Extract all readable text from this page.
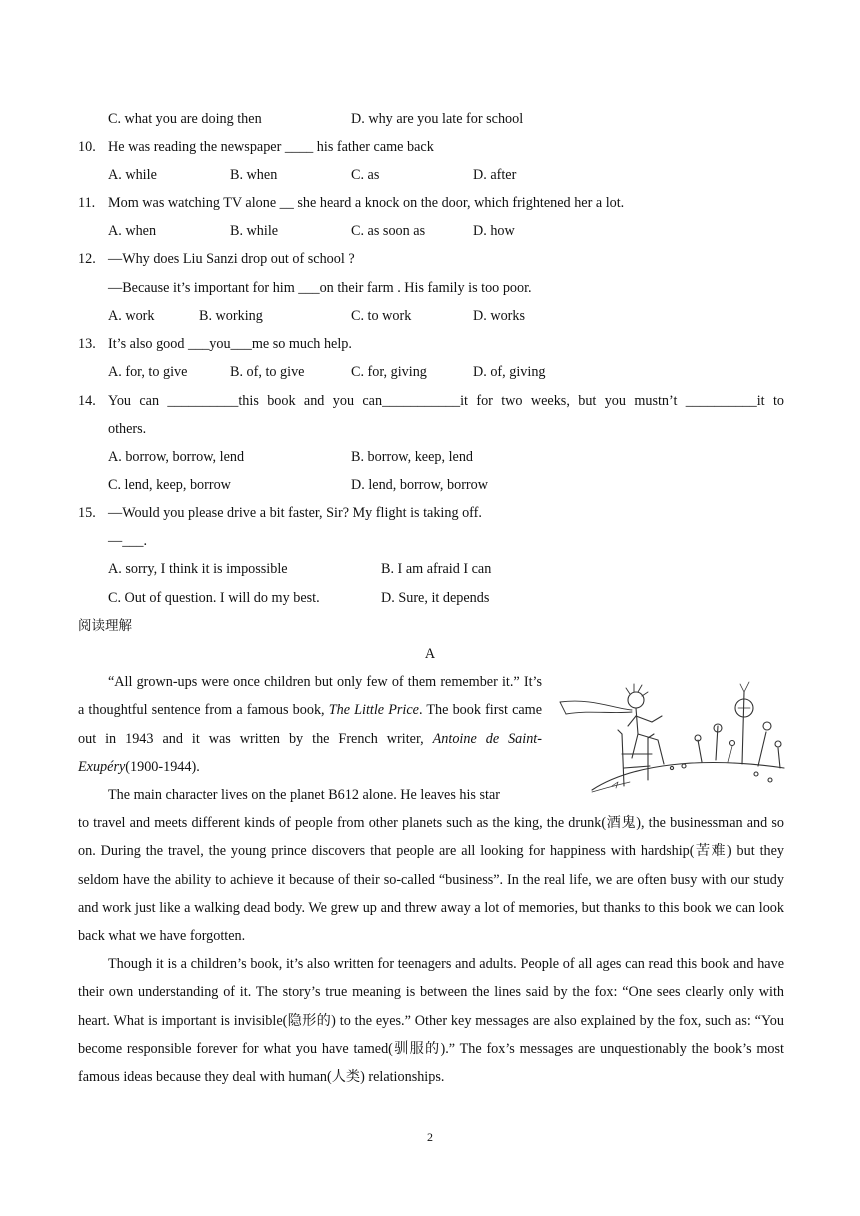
C. what you are doing then	D. why are you late for school
10. He was reading the newspaper ____ his father came back
A. while	B. when	C. as	D. after
11. Mom was watching TV alone __ she heard a knock on the door, which frightened her a lot.
A. when	B. while	C. as soon as	D. how
12. —Why does Liu Sanzi drop out of school ?
—Because it’s important for him ___on their farm . His family is too poor.
A. work	B. working	C. to work	D. works
13. It’s also good ___you___me so much help.
A. for, to give	B. of, to give	C. for, giving	D. of, giving
14. You can __________this book and you can___________it for two weeks, but you mustn’t __________it to
others.
A. borrow, borrow, lend	B. borrow, keep, lend
C. lend, keep, borrow	D. lend, borrow, borrow
15. —Would you please drive a bit faster, Sir? My flight is taking off.
—___.
A. sorry, I think it is impossible	B. I am afraid I can
C. Out of question. I will do my best.	D. Sure, it depends
阅读理解
A
“All grown-ups were once children but only few of them remember it.” It’s a thoughtful sentence from a famous book, The Little Price. The book first came out in 1943 and it was written by the French writer, Antoine de Saint-Exupéry(1900-1944).
The main character lives on the planet B612 alone. He leaves his star
to travel and meets different kinds of people from other planets such as the king, the drunk(酒鬼), the businessman and so on. During the travel, the young prince discovers that people are all looking for happiness with hardship(苦难) but they seldom have the ability to achieve it because of their so-called “business”. In the real life, we are often busy with our study and work just like a walking dead body. We grew up and threw away a lot of memories, but thanks to this book we can look back what we have forgotten.
Though it is a children’s book, it’s also written for teenagers and adults. People of all ages can read this book and have their own understanding of it. The story’s true meaning is between the lines said by the fox: “One sees clearly only with heart. What is important is invisible(隐形的) to the eyes.” Other key messages are also explained by the fox, such as: “You become responsible forever for what you have tamed(驯服的).” The fox’s messages are unquestionably the book’s most famous ideas because they deal with human(人类) relationships.
2
